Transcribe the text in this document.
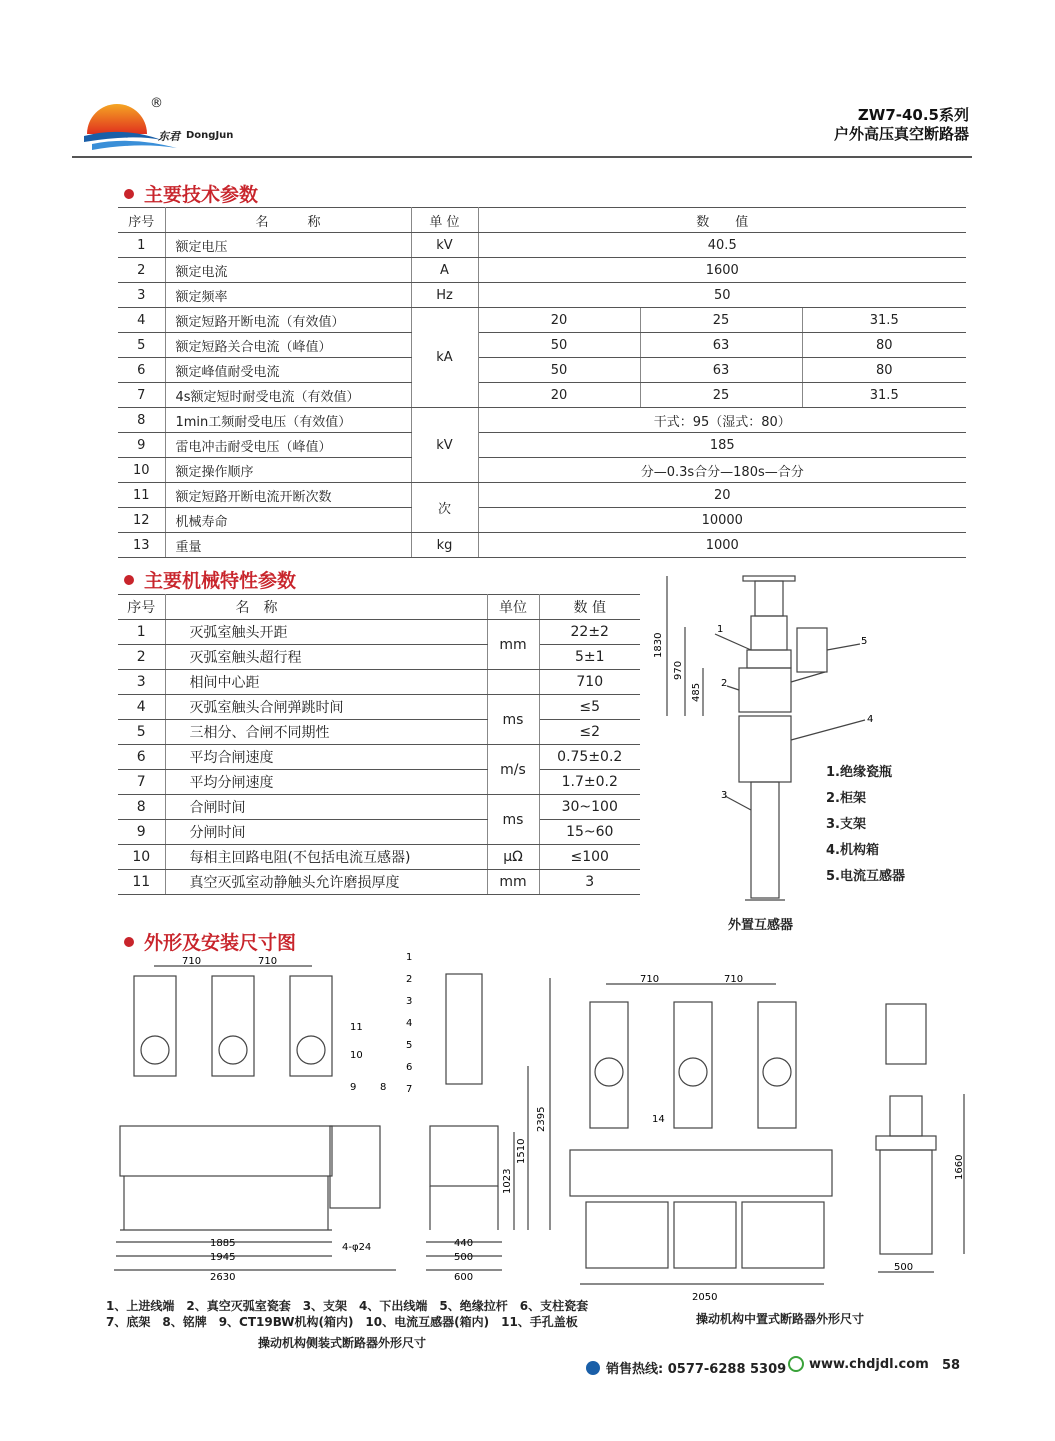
®
东君 DongJun
ZW7-40.5系列
户外高压真空断路器
主要技术参数
序号	名　　　称	单 位	数　　值		
1	额定电压	kV	40.5		
2	额定电流	A	1600		
3	额定频率	Hz	50		
4	额定短路开断电流（有效值）	kA	20	25	31.5
5	额定短路关合电流（峰值）		50	63	80
6	额定峰值耐受电流		50	63	80
7	4s额定短时耐受电流（有效值）		20	25	31.5
8	1min工频耐受电压（有效值）	kV	干式：95（湿式：80）		
9	雷电冲击耐受电压（峰值）		185		
10	额定操作顺序		分—0.3s合分—180s—合分		
11	额定短路开断电流开断次数	次	20		
12	机械寿命		10000		
13	重量	kg	1000		
主要机械特性参数
序号	名　称	单位	数 值
1	灭弧室触头开距	mm	22±2
2	灭弧室触头超行程		5±1
3	相间中心距		710
4	灭弧室触头合闸弹跳时间	ms	≤5
5	三相分、合闸不同期性		≤2
6	平均合闸速度	m/s	0.75±0.2
7	平均分闸速度		1.7±0.2
8	合闸时间	ms	30~100
9	分闸时间		15~60
10	每相主回路电阻(不包括电流互感器)	μΩ	≤100
11	真空灭弧室动静触头允许磨损厚度	mm	3
1830
970
485
1
2
3
4
5
1.绝缘瓷瓶
2.柜架
3.支架
4.机构箱
5.电流互感器
外置互感器
外形及安装尺寸图
710	710
1885
1945
2630
4-φ24
11
10
9 8
1
2
3
4
5
6
7
2395
1510
1023
440
500
600
710	710
2050
14
1660
500
1、上进线端　2、真空灭弧室瓷套　3、支架　4、下出线端　5、绝缘拉杆　6、支柱瓷套
7、底架　8、铭牌　9、CT19BW机构(箱内)　10、电流互感器(箱内)　11、手孔盖板
操动机构侧装式断路器外形尺寸
操动机构中置式断路器外形尺寸
销售热线: 0577-6288 5309 www.chdjdl.com 58
